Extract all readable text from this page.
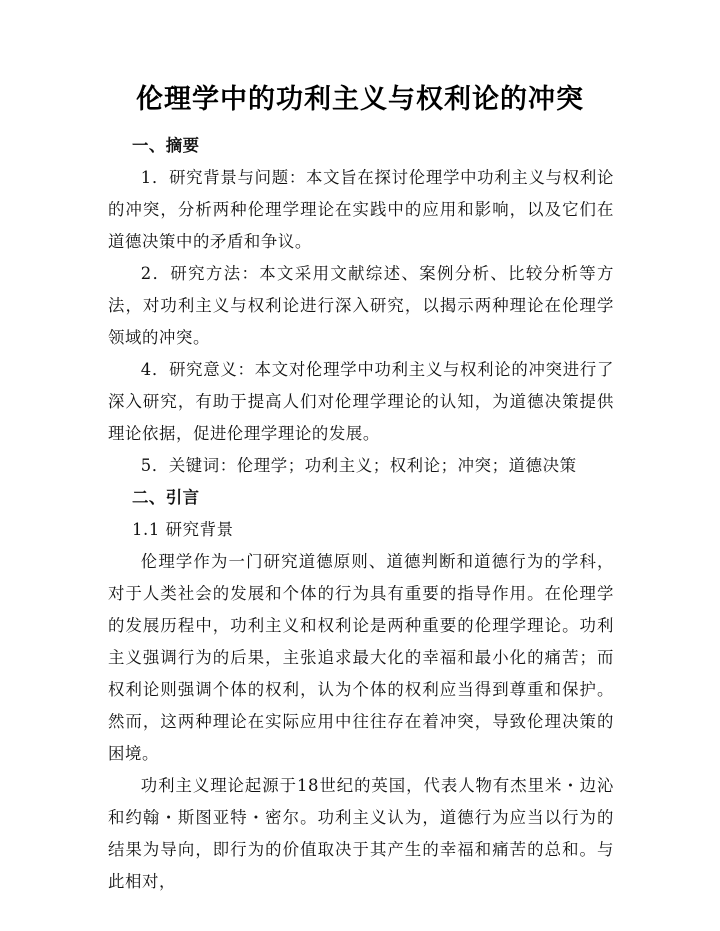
伦理学中的功利主义与权利论的冲突
一、摘要

1．研究背景与问题：本文旨在探讨伦理学中功利主义与权利论的冲突，分析两种伦理学理论在实践中的应用和影响，以及它们在道德决策中的矛盾和争议。

2．研究方法：本文采用文献综述、案例分析、比较分析等方法，对功利主义与权利论进行深入研究，以揭示两种理论在伦理学领域的冲突。

4．研究意义：本文对伦理学中功利主义与权利论的冲突进行了深入研究，有助于提高人们对伦理学理论的认知，为道德决策提供理论依据，促进伦理学理论的发展。

5．关键词：伦理学；功利主义；权利论；冲突；道德决策

二、引言
1.1 研究背景

伦理学作为一门研究道德原则、道德判断和道德行为的学科，对于人类社会的发展和个体的行为具有重要的指导作用。在伦理学的发展历程中，功利主义和权利论是两种重要的伦理学理论。功利主义强调行为的后果，主张追求最大化的幸福和最小化的痛苦；而权利论则强调个体的权利，认为个体的权利应当得到尊重和保护。然而，这两种理论在实际应用中往往存在着冲突，导致伦理决策的困境。

功利主义理论起源于18世纪的英国，代表人物有杰里米・边沁和约翰・斯图亚特・密尔。功利主义认为，道德行为应当以行为的结果为导向，即行为的价值取决于其产生的幸福和痛苦的总和。与此相对，
